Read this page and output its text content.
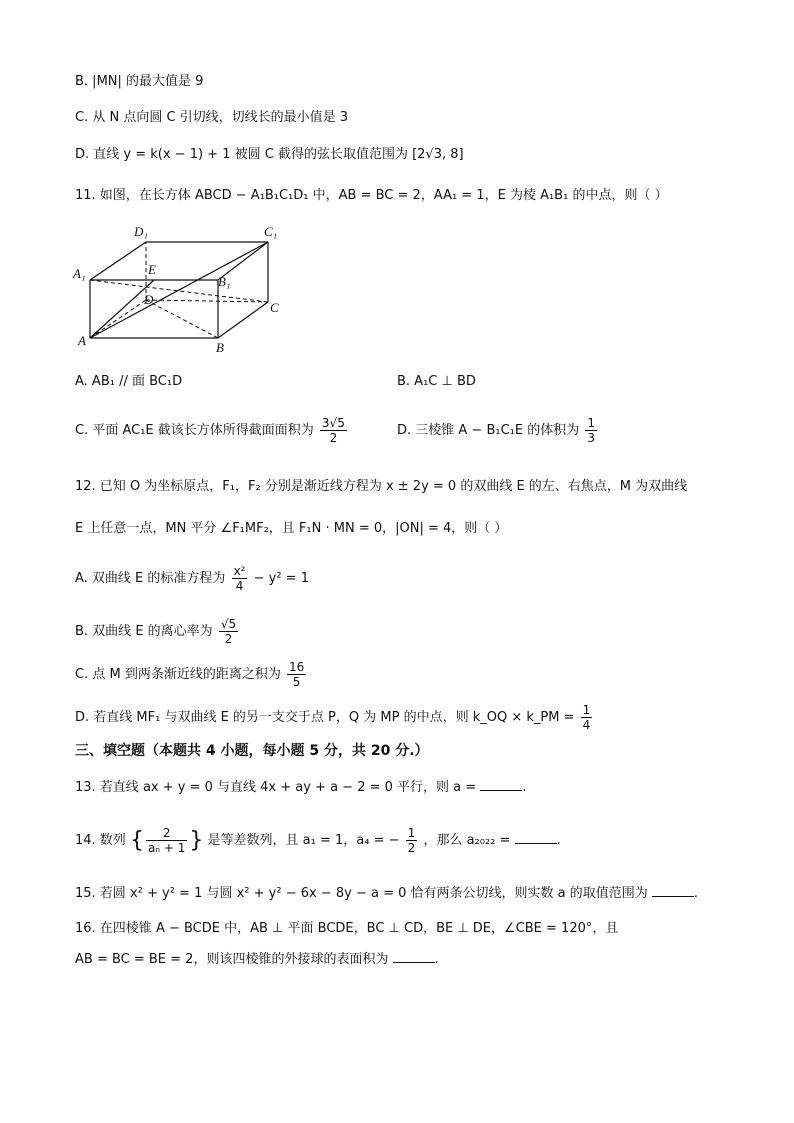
B. |MN| 的最大值是 9
C. 从 N 点向圆 C 引切线，切线长的最小值是 3
D. 直线 y = k(x − 1) + 1 被圆 C 截得的弦长取值范围为 [2√3, 8]
11. 如图，在长方体 ABCD − A₁B₁C₁D₁ 中，AB = BC = 2，AA₁ = 1，E 为棱 A₁B₁ 的中点，则（ ）
D₁	C₁
A₁	E
B₁
D
C
A	B
A. AB₁ // 面 BC₁D	B. A₁C ⊥ BD
C. 平面 AC₁E 截该长方体所得截面面积为 $\frac{3√5}{2}$	D. 三棱锥 A − B₁C₁E 的体积为 $\frac{1}{3}$
12. 已知 O 为坐标原点，F₁，F₂ 分别是渐近线方程为 x ± 2y = 0 的双曲线 E 的左、右焦点，M 为双曲线
E 上任意一点，MN 平分 ∠F₁MF₂，且 F₁N · MN = 0，|ON| = 4，则（ ）
A. 双曲线 E 的标准方程为 $\frac{\text{x²}}{4} - y^2 = 1$
B. 双曲线 E 的离心率为 $\frac{√5}{2}$
C. 点 M 到两条渐近线的距离之积为 $\frac{16}{5}$
D. 若直线 MF₁ 与双曲线 E 的另一支交于点 P，Q 为 MP 的中点，则 k_OQ × k_PM = $\frac{1}{4}$
三、填空题（本题共 4 小题，每小题 5 分，共 20 分.）
13. 若直线 ax + y = 0 与直线 4x + ay + a − 2 = 0 平行，则 a =	.
14. 数列 { $\frac{2}{\text{aₙ + 1}}$ } 是等差数列，且 a₁ = 1，a₄ = − $\frac{1}{2}$ ，那么 a₂₀₂₂ =	.
15. 若圆 x² + y² = 1 与圆 x² + y² − 6x − 8y − a = 0 恰有两条公切线，则实数 a 的取值范围为	.
16. 在四棱锥 A − BCDE 中，AB ⊥ 平面 BCDE，BC ⊥ CD，BE ⊥ DE，∠CBE = 120°，且
AB = BC = BE = 2，则该四棱锥的外接球的表面积为	.
